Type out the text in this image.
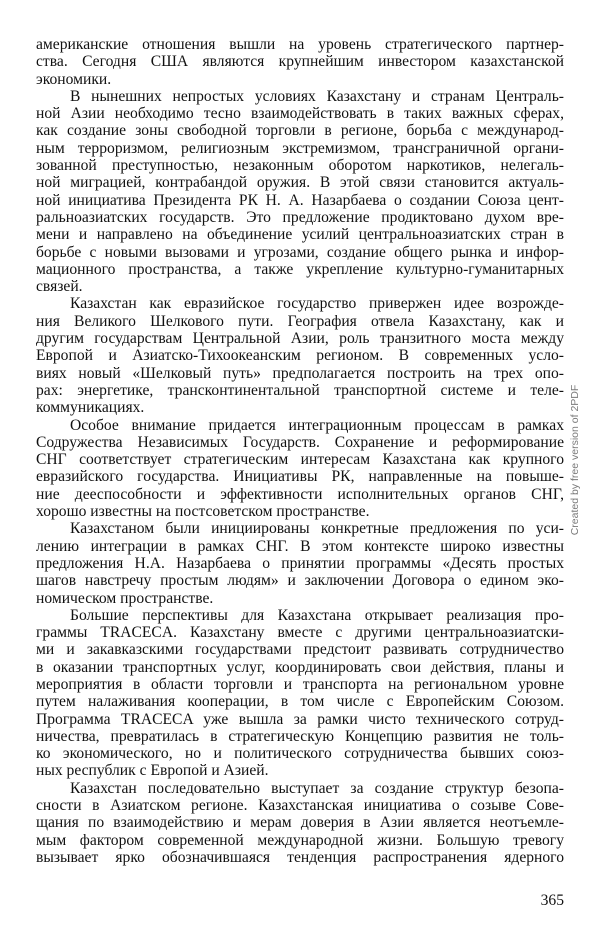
американские отношения вышли на уровень стратегического партнер-
ства. Сегодня США являются крупнейшим инвестором казахстанской
экономики.
В нынешних непростых условиях Казахстану и странам Централь-
ной Азии необходимо тесно взаимодействовать в таких важных сферах,
как создание зоны свободной торговли в регионе, борьба с международ-
ным терроризмом, религиозным экстремизмом, трансграничной органи-
зованной преступностью, незаконным оборотом наркотиков, нелегаль-
ной миграцией, контрабандой оружия. В этой связи становится актуаль-
ной инициатива Президента РК Н. А. Назарбаева о создании Союза цент-
ральноазиатских государств. Это предложение продиктовано духом вре-
мени и направлено на объединение усилий центральноазиатских стран в
борьбе с новыми вызовами и угрозами, создание общего рынка и инфор-
мационного пространства, а также укрепление культурно-гуманитарных
связей.
Казахстан как евразийское государство привержен идее возрожде-
ния Великого Шелкового пути. География отвела Казахстану, как и
другим государствам Центральной Азии, роль транзитного моста между
Европой и Азиатско-Тихоокеанским регионом. В современных усло-
виях новый «Шелковый путь» предполагается построить на трех опо-
рах: энергетике, трансконтинентальной транспортной системе и теле-
коммуникациях.
Особое внимание придается интеграционным процессам в рамках
Содружества Независимых Государств. Сохранение и реформирование
СНГ соответствует стратегическим интересам Казахстана как крупного
евразийского государства. Инициативы РК, направленные на повыше-
ние дееспособности и эффективности исполнительных органов СНГ,
хорошо известны на постсоветском пространстве.
Казахстаном были инициированы конкретные предложения по уси-
лению интеграции в рамках СНГ. В этом контексте широко известны
предложения Н.А. Назарбаева о принятии программы «Десять простых
шагов навстречу простым людям» и заключении Договора о едином эко-
номическом пространстве.
Большие перспективы для Казахстана открывает реализация про-
граммы TRACECA. Казахстану вместе с другими центральноазиатски-
ми и закавказскими государствами предстоит развивать сотрудничество
в оказании транспортных услуг, координировать свои действия, планы и
мероприятия в области торговли и транспорта на региональном уровне
путем налаживания кооперации, в том числе с Европейским Союзом.
Программа TRACECA уже вышла за рамки чисто технического сотруд-
ничества, превратилась в стратегическую Концепцию развития не толь-
ко экономического, но и политического сотрудничества бывших союз-
ных республик с Европой и Азией.
Казахстан последовательно выступает за создание структур безопа-
сности в Азиатском регионе. Казахстанская инициатива о созыве Сове-
щания по взаимодействию и мерам доверия в Азии является неотъемле-
мым фактором современной международной жизни. Большую тревогу
вызывает ярко обозначившаяся тенденция распространения ядерного
365
Created by free version of 2PDF
